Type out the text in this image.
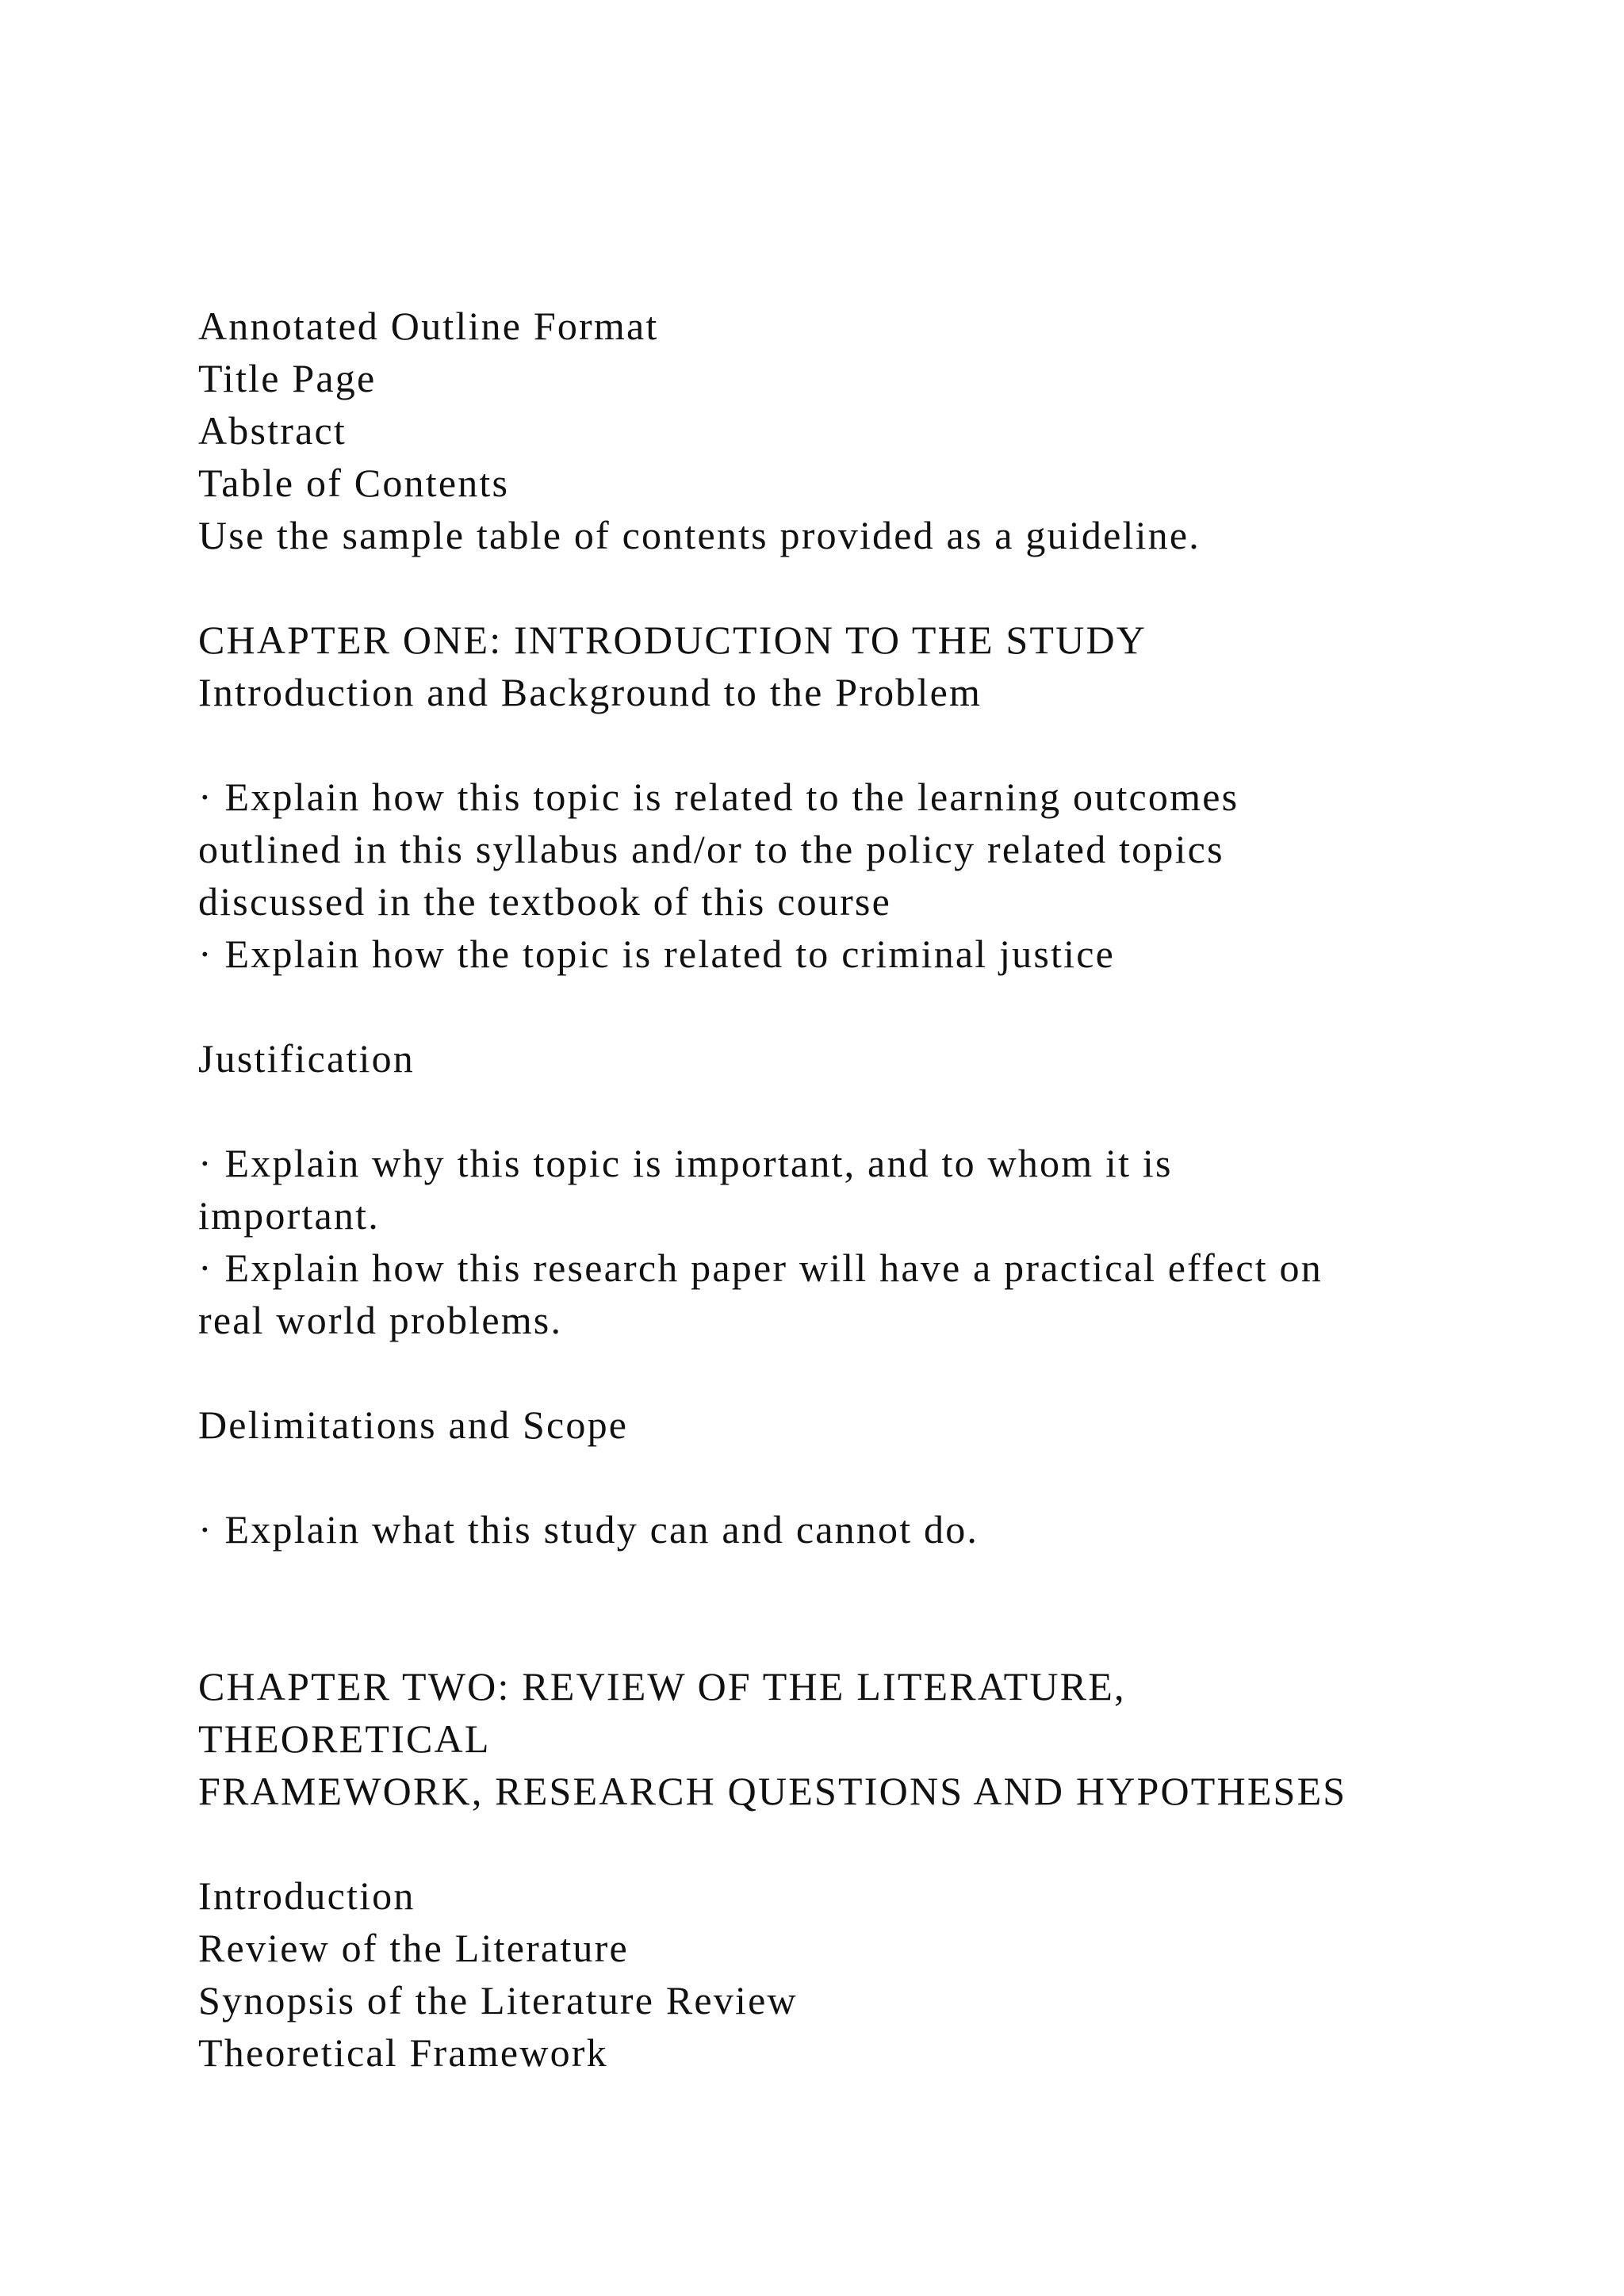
Annotated Outline Format

Title Page

Abstract

Table of Contents

Use the sample table of contents provided as a guideline.

CHAPTER ONE: INTRODUCTION TO THE STUDY

Introduction and Background to the Problem

· Explain how this topic is related to the learning outcomes

outlined in this syllabus and/or to the policy related topics

discussed in the textbook of this course

· Explain how the topic is related to criminal justice

Justification

· Explain why this topic is important, and to whom it is

important.

· Explain how this research paper will have a practical effect on

real world problems.

Delimitations and Scope

· Explain what this study can and cannot do.

CHAPTER TWO: REVIEW OF THE LITERATURE,

THEORETICAL

FRAMEWORK, RESEARCH QUESTIONS AND HYPOTHESES

Introduction

Review of the Literature

Synopsis of the Literature Review

Theoretical Framework
